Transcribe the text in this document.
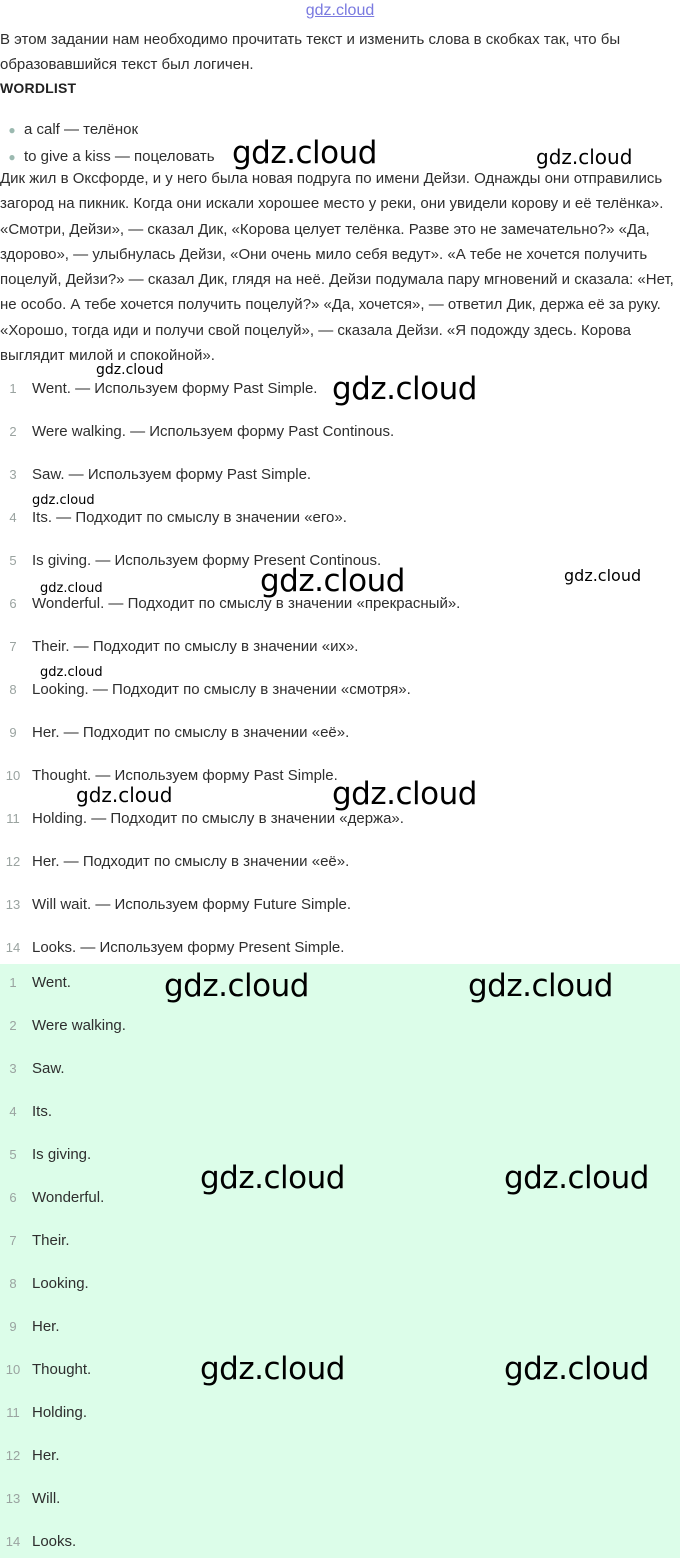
gdz.cloud
В этом задании нам необходимо прочитать текст и изменить слова в скобках так, что бы образовавшийся текст был логичен.
WORDLIST
● a calf — телёнок
● to give a kiss — поцеловать
Дик жил в Оксфорде, и у него была новая подруга по имени Дейзи. Однажды они отправились загород на пикник. Когда они искали хорошее место у реки, они увидели корову и её телёнка». «Смотри, Дейзи», — сказал Дик, «Корова целует телёнка. Разве это не замечательно?» «Да, здорово», — улыбнулась Дейзи, «Они очень мило себя ведут». «А тебе не хочется получить поцелуй, Дейзи?» — сказал Дик, глядя на неё. Дейзи подумала пару мгновений и сказала: «Нет, не особо. А тебе хочется получить поцелуй?» «Да, хочется», — ответил Дик, держа её за руку. «Хорошо, тогда иди и получи свой поцелуй», — сказала Дейзи. «Я подожду здесь. Корова выглядит милой и спокойной».
1	Went. — Используем форму Past Simple.
2	Were walking. — Используем форму Past Continous.
3	Saw. — Используем форму Past Simple.
4	Its. — Подходит по смыслу в значении «его».
5	Is giving. — Используем форму Present Continous.
6	Wonderful. — Подходит по смыслу в значении «прекрасный».
7	Their. — Подходит по смыслу в значении «их».
8	Looking. — Подходит по смыслу в значении «смотря».
9	Her. — Подходит по смыслу в значении «её».
10 Thought. — Используем форму Past Simple.
11 Holding. — Подходит по смыслу в значении «держа».
12 Her. — Подходит по смыслу в значении «её».
13 Will wait. — Используем форму Future Simple.
14 Looks. — Используем форму Present Simple.
1	Went.
2	Were walking.
3	Saw.
4	Its.
5	Is giving.
6	Wonderful.
7	Their.
8	Looking.
9	Her.
10 Thought.
11 Holding.
12 Her.
13 Will.
14 Looks.
gdz.cloud	gdz.cloud
gdz.cloud
gdz.cloud
gdz.cloud
gdz.cloud	gdz.cloud	gdz.cloud
gdz.cloud
gdz.cloud	gdz.cloud
gdz.cloud	gdz.cloud
gdz.cloud	gdz.cloud
gdz.cloud	gdz.cloud
